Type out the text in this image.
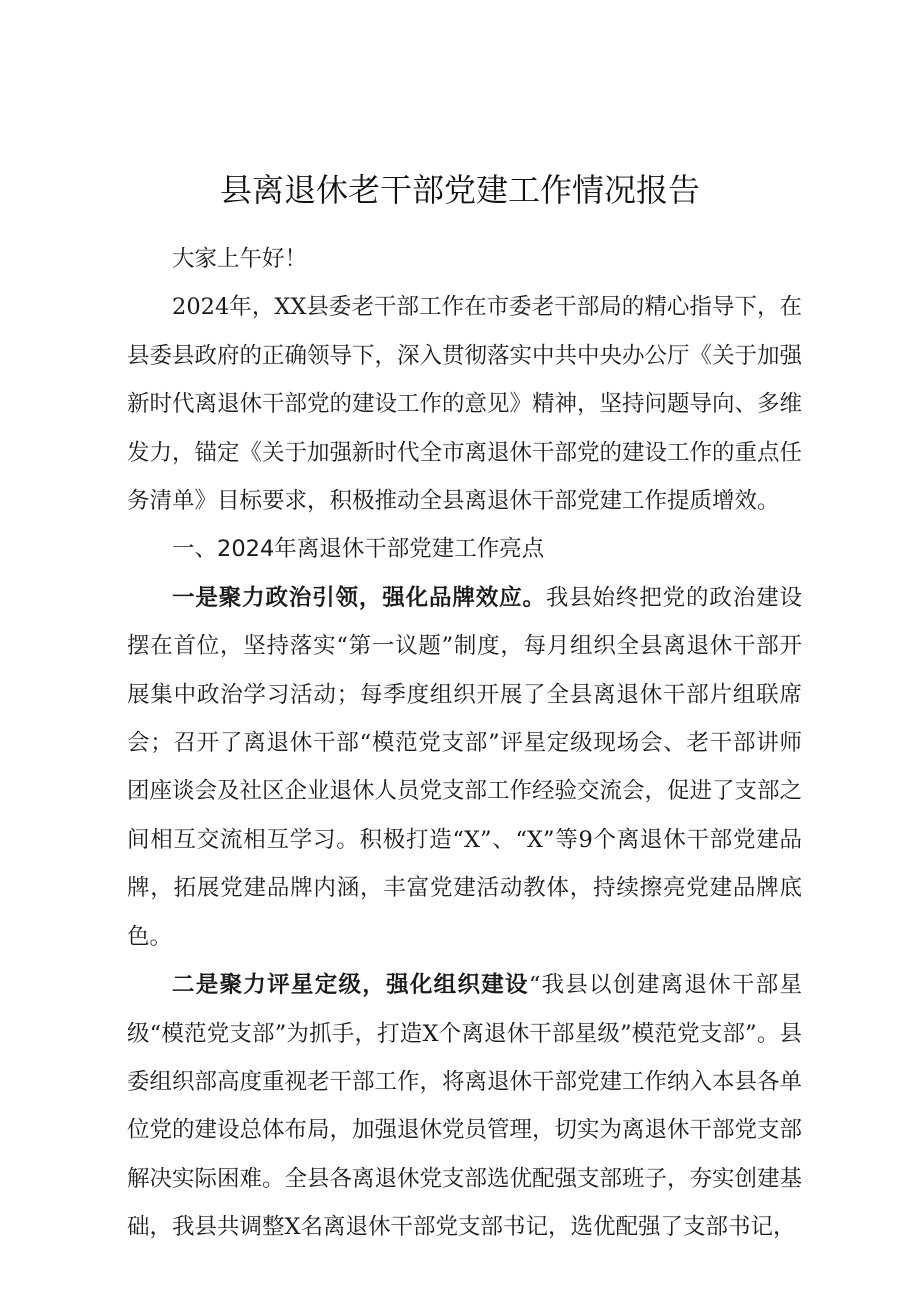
县离退休老干部党建工作情况报告

大家上午好！

2024年，XX县委老干部工作在市委老干部局的精心指导下，在县委县政府的正确领导下，深入贯彻落实中共中央办公厅《关于加强新时代离退休干部党的建设工作的意见》精神，坚持问题导向、多维发力，锚定《关于加强新时代全市离退休干部党的建设工作的重点任务清单》目标要求，积极推动全县离退休干部党建工作提质增效。

一、2024年离退休干部党建工作亮点

一是聚力政治引领，强化品牌效应。我县始终把党的政治建设摆在首位，坚持落实“第一议题”制度，每月组织全县离退休干部开展集中政治学习活动；每季度组织开展了全县离退休干部片组联席会；召开了离退休干部“模范党支部”评星定级现场会、老干部讲师团座谈会及社区企业退休人员党支部工作经验交流会，促进了支部之间相互交流相互学习。积极打造“X”、“X”等9个离退休干部党建品牌，拓展党建品牌内涵，丰富党建活动教体，持续擦亮党建品牌底色。

二是聚力评星定级，强化组织建设“我县以创建离退休干部星级“模范党支部”为抓手，打造X个离退休干部星级”模范党支部”。县委组织部高度重视老干部工作，将离退休干部党建工作纳入本县各单位党的建设总体布局，加强退休党员管理，切实为离退休干部党支部解决实际困难。全县各离退休党支部选优配强支部班子，夯实创建基础，我县共调整X名离退休干部党支部书记，选优配强了支部书记，
